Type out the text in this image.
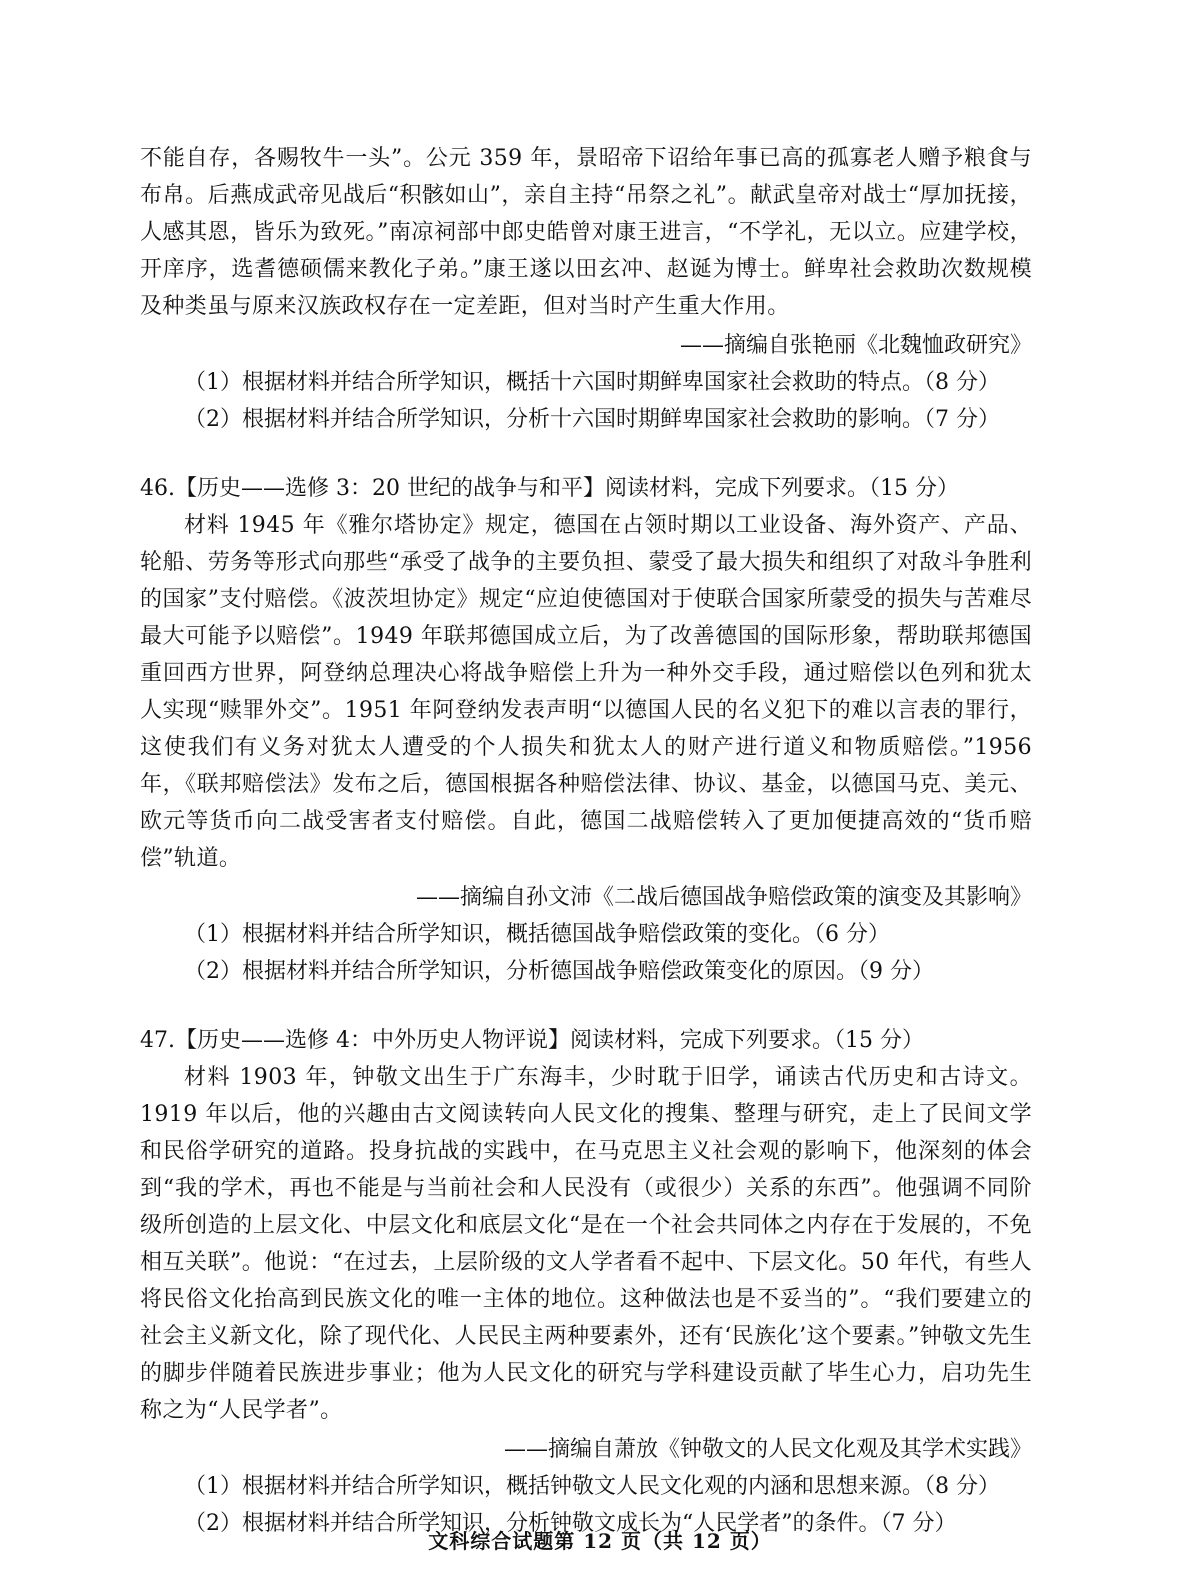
不能自存，各赐牧牛一头”。公元 359 年，景昭帝下诏给年事已高的孤寡老人赠予粮食与布帛。后燕成武帝见战后“积骸如山”，亲自主持“吊祭之礼”。献武皇帝对战士“厚加抚接，人感其恩，皆乐为致死。”南凉祠部中郎史皓曾对康王进言，“不学礼，无以立。应建学校，开庠序，选耆德硕儒来教化子弟。”康王遂以田玄冲、赵诞为博士。鲜卑社会救助次数规模及种类虽与原来汉族政权存在一定差距，但对当时产生重大作用。

——摘编自张艳丽《北魏恤政研究》

（1）根据材料并结合所学知识，概括十六国时期鲜卑国家社会救助的特点。（8 分）

（2）根据材料并结合所学知识，分析十六国时期鲜卑国家社会救助的影响。（7 分）

46.【历史——选修 3：20 世纪的战争与和平】阅读材料，完成下列要求。（15 分）

材料 1945 年《雅尔塔协定》规定，德国在占领时期以工业设备、海外资产、产品、轮船、劳务等形式向那些“承受了战争的主要负担、蒙受了最大损失和组织了对敌斗争胜利的国家”支付赔偿。《波茨坦协定》规定“应迫使德国对于使联合国家所蒙受的损失与苦难尽最大可能予以赔偿”。1949 年联邦德国成立后，为了改善德国的国际形象，帮助联邦德国重回西方世界，阿登纳总理决心将战争赔偿上升为一种外交手段，通过赔偿以色列和犹太人实现“赎罪外交”。1951 年阿登纳发表声明“以德国人民的名义犯下的难以言表的罪行，这使我们有义务对犹太人遭受的个人损失和犹太人的财产进行道义和物质赔偿。”1956 年，《联邦赔偿法》发布之后，德国根据各种赔偿法律、协议、基金，以德国马克、美元、欧元等货币向二战受害者支付赔偿。自此，德国二战赔偿转入了更加便捷高效的“货币赔偿”轨道。

——摘编自孙文沛《二战后德国战争赔偿政策的演变及其影响》

（1）根据材料并结合所学知识，概括德国战争赔偿政策的变化。（6 分）

（2）根据材料并结合所学知识，分析德国战争赔偿政策变化的原因。（9 分）

47.【历史——选修 4：中外历史人物评说】阅读材料，完成下列要求。（15 分）

材料 1903 年，钟敬文出生于广东海丰，少时耽于旧学，诵读古代历史和古诗文。1919 年以后，他的兴趣由古文阅读转向人民文化的搜集、整理与研究，走上了民间文学和民俗学研究的道路。投身抗战的实践中，在马克思主义社会观的影响下，他深刻的体会到“我的学术，再也不能是与当前社会和人民没有（或很少）关系的东西”。他强调不同阶级所创造的上层文化、中层文化和底层文化“是在一个社会共同体之内存在于发展的，不免相互关联”。他说：“在过去，上层阶级的文人学者看不起中、下层文化。50 年代，有些人将民俗文化抬高到民族文化的唯一主体的地位。这种做法也是不妥当的”。“我们要建立的社会主义新文化，除了现代化、人民民主两种要素外，还有‘民族化’这个要素。”钟敬文先生的脚步伴随着民族进步事业；他为人民文化的研究与学科建设贡献了毕生心力，启功先生称之为“人民学者”。

——摘编自萧放《钟敬文的人民文化观及其学术实践》

（1）根据材料并结合所学知识，概括钟敬文人民文化观的内涵和思想来源。（8 分）

（2）根据材料并结合所学知识，分析钟敬文成长为“人民学者”的条件。（7 分）

文科综合试题第 12 页（共 12 页）
